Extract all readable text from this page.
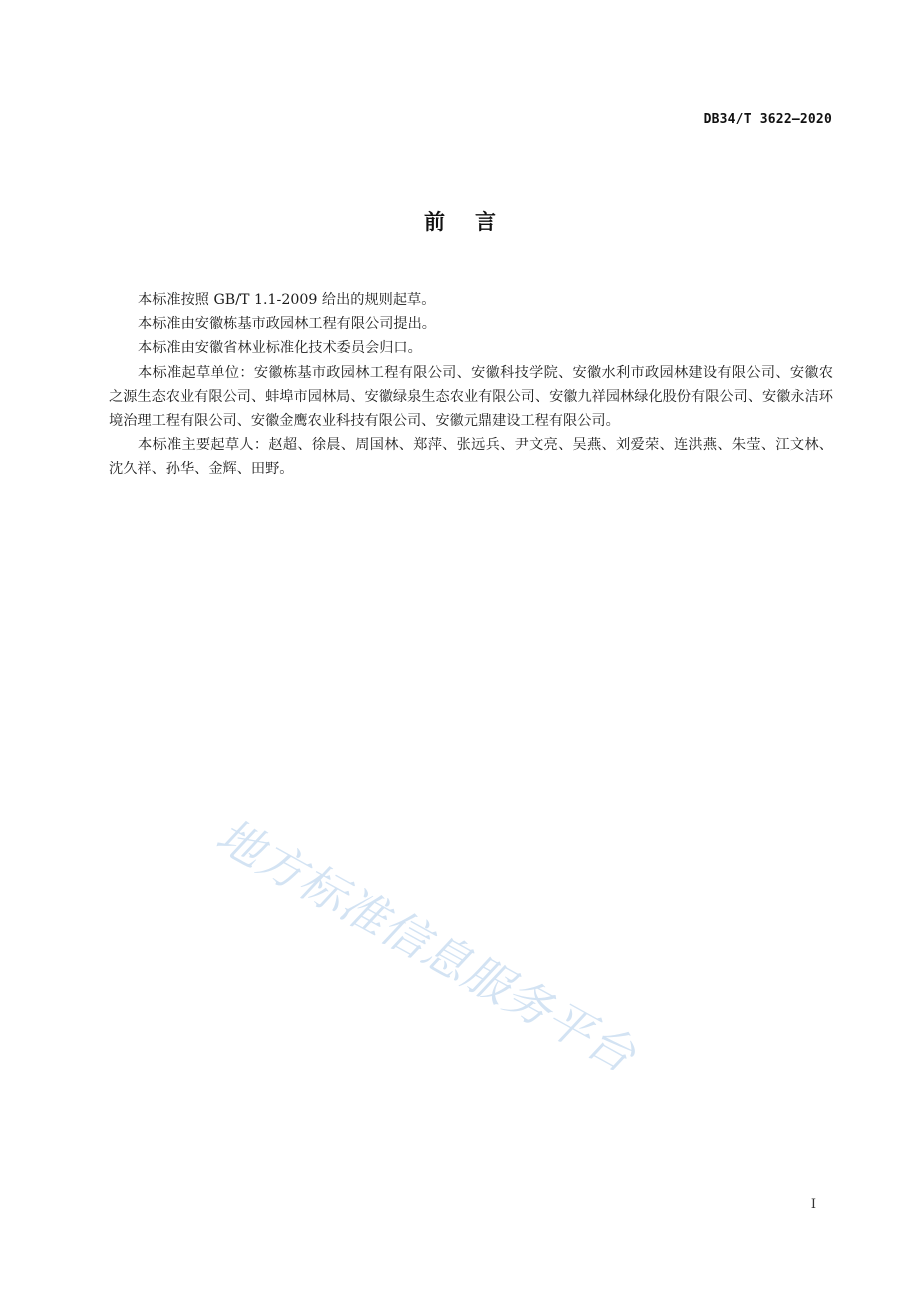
DB34/T 3622—2020
前 言

本标准按照 GB/T 1.1-2009 给出的规则起草。

本标准由安徽栋基市政园林工程有限公司提出。

本标准由安徽省林业标准化技术委员会归口。

本标准起草单位：安徽栋基市政园林工程有限公司、安徽科技学院、安徽水利市政园林建设有限公司、安徽农之源生态农业有限公司、蚌埠市园林局、安徽绿泉生态农业有限公司、安徽九祥园林绿化股份有限公司、安徽永洁环境治理工程有限公司、安徽金鹰农业科技有限公司、安徽元鼎建设工程有限公司。

本标准主要起草人：赵超、徐晨、周国林、郑萍、张远兵、尹文亮、吴燕、刘爱荣、连洪燕、朱莹、江文林、沈久祥、孙华、金辉、田野。

地方标准信息服务平台
I
